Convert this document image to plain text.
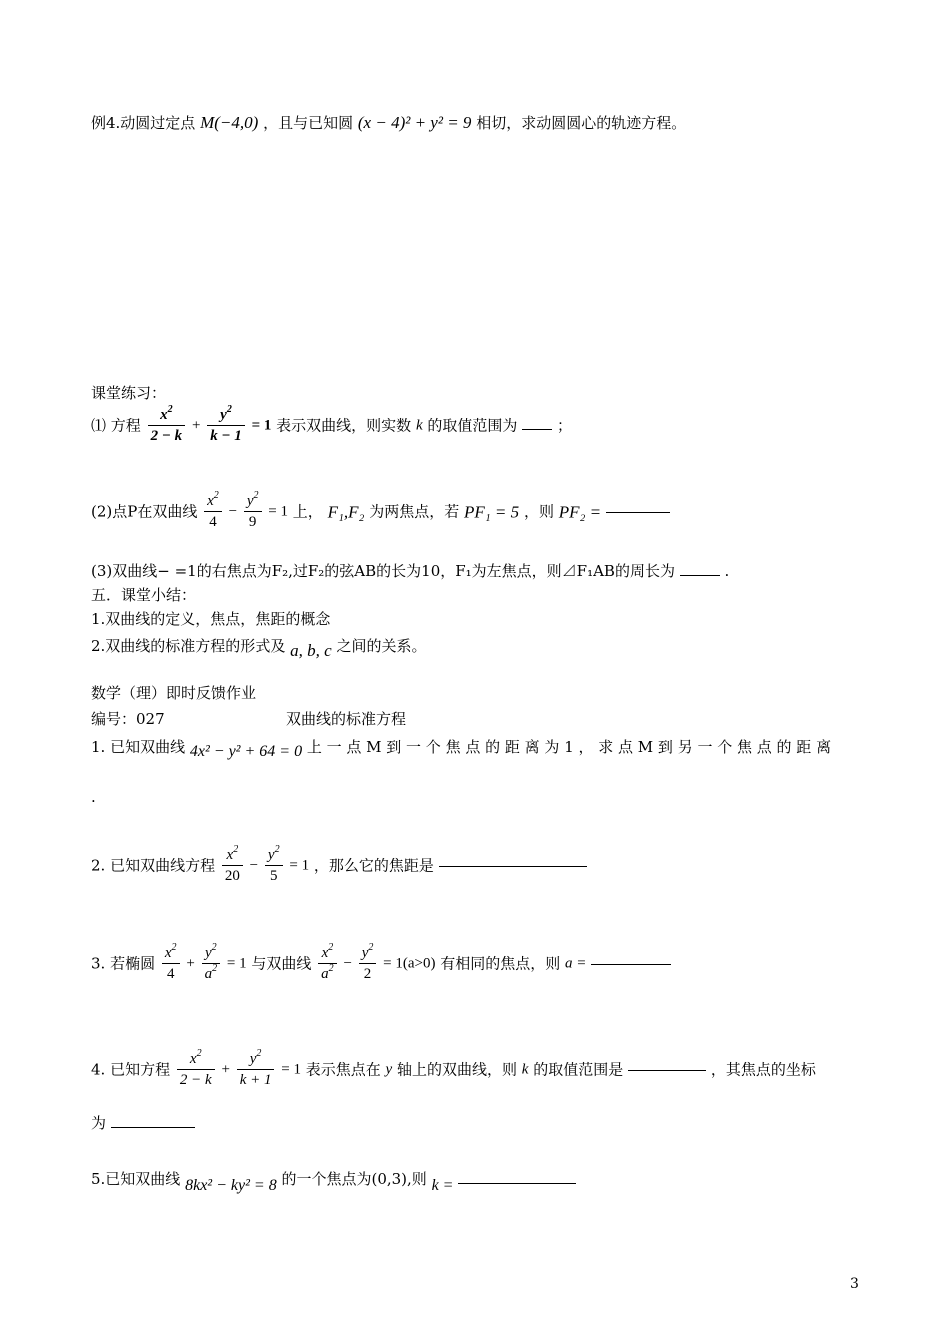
例4.动圆过定点 M(−4,0) ，且与已知圆 (x − 4)² + y² = 9 相切，求动圆圆心的轨迹方程。
课堂练习：
⑴ 方程 $\frac{x^2}{2 - k} + \frac{y^2}{k - 1} = 1$ 表示双曲线，则实数 k 的取值范围为	；
(2)点P在双曲线 $\frac{x^2}{4} - \frac{y^2}{9} = 1$ 上， F₁,F₂ 为两焦点，若 PF₁ = 5 ，则 PF₂ =
(3)双曲线− =1的右焦点为F₂,过F₂的弦AB的长为10，F₁为左焦点，则⊿F₁AB的周长为	.
五．课堂小结：
1.双曲线的定义，焦点，焦距的概念
2.双曲线的标准方程的形式及 a, b, c 之间的关系。
数学（理）即时反馈作业
编号：027	双曲线的标准方程
1. 已知双曲线 4x² − y² + 64 = 0 上 一 点 M 到 一 个 焦 点 的 距 离 为 1 ， 求 点 M 到 另 一 个 焦 点 的 距 离
.
2. 已知双曲线方程 $\frac{x^2}{20} - \frac{y^2}{5} = 1$ ，那么它的焦距是
3. 若椭圆 $\frac{x^2}{4} + \frac{y^2}{a^2} = 1$ 与双曲线 $\frac{x^2}{a^2} - \frac{y^2}{2} = 1(a>0)$ 有相同的焦点，则 a =
4. 已知方程 $\frac{x^2}{2 - k} + \frac{y^2}{k + 1} = 1$ 表示焦点在 y 轴上的双曲线，则 k 的取值范围是	，其焦点的坐标
为
5.已知双曲线 8kx² − ky² = 8 的一个焦点为(0,3),则 k =
3
